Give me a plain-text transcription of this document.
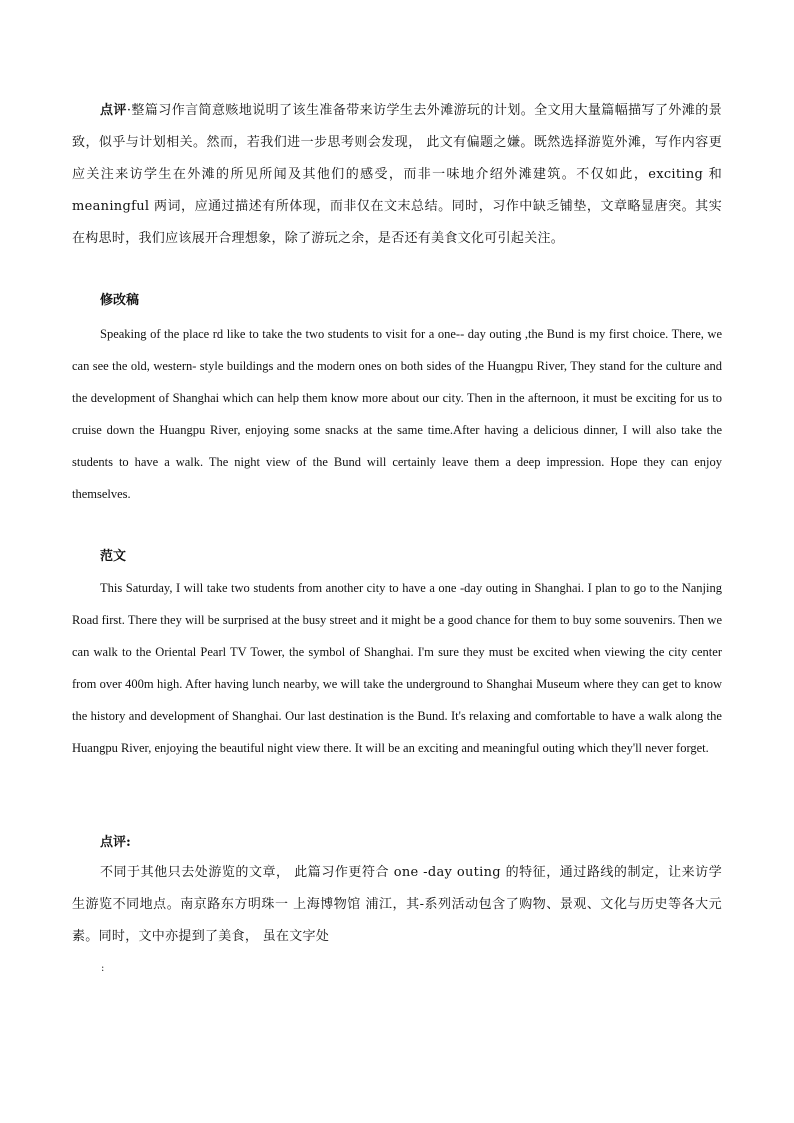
点评·整篇习作言简意赅地说明了该生准备带来访学生去外滩游玩的计划。全文用大量篇幅描写了外滩的景致，似乎与计划相关。然而，若我们进一步思考则会发现， 此文有偏题之嫌。既然选择游览外滩，写作内容更应关注来访学生在外滩的所见所闻及其他们的感受，而非一味地介绍外滩建筑。不仅如此，exciting 和 meaningful 两词，应通过描述有所体现，而非仅在文末总结。同时，习作中缺乏铺垫，文章略显唐突。其实在构思时，我们应该展开合理想象，除了游玩之余，是否还有美食文化可引起关注。
修改稿
Speaking of the place rd like to take the two students to visit for a one-- day outing ,the Bund is my first choice. There, we can see the old, western- style buildings and the modern ones on both sides of the Huangpu River, They stand for the culture and the development of Shanghai which can help them know more about our city. Then in the afternoon, it must be exciting for us to cruise down the Huangpu River, enjoying some snacks at the same time.After having a delicious dinner, I will also take the students to have a walk. The night view of the Bund will certainly leave them a deep impression. Hope they can enjoy themselves.
范文
This Saturday, I will take two students from another city to have a one -day outing in Shanghai. I plan to go to the Nanjing Road first. There they will be surprised at the busy street and it might be a good chance for them to buy some souvenirs. Then we can walk to the Oriental Pearl TV Tower, the symbol of Shanghai. I'm sure they must be excited when viewing the city center from over 400m high. After having lunch nearby, we will take the underground to Shanghai Museum where they can get to know the history and development of Shanghai. Our last destination is the Bund. It's relaxing and comfortable to have a walk along the Huangpu River, enjoying the beautiful night view there. It will be an exciting and meaningful outing which they'll never forget.
点评:
不同于其他只去处游览的文章， 此篇习作更符合 one -day outing 的特征，通过路线的制定，让来访学生游览不同地点。南京路东方明珠一 上海博物馆 浦江，其-系列活动包含了购物、景观、文化与历史等各大元素。同时，文中亦提到了美食， 虽在文字处
:
